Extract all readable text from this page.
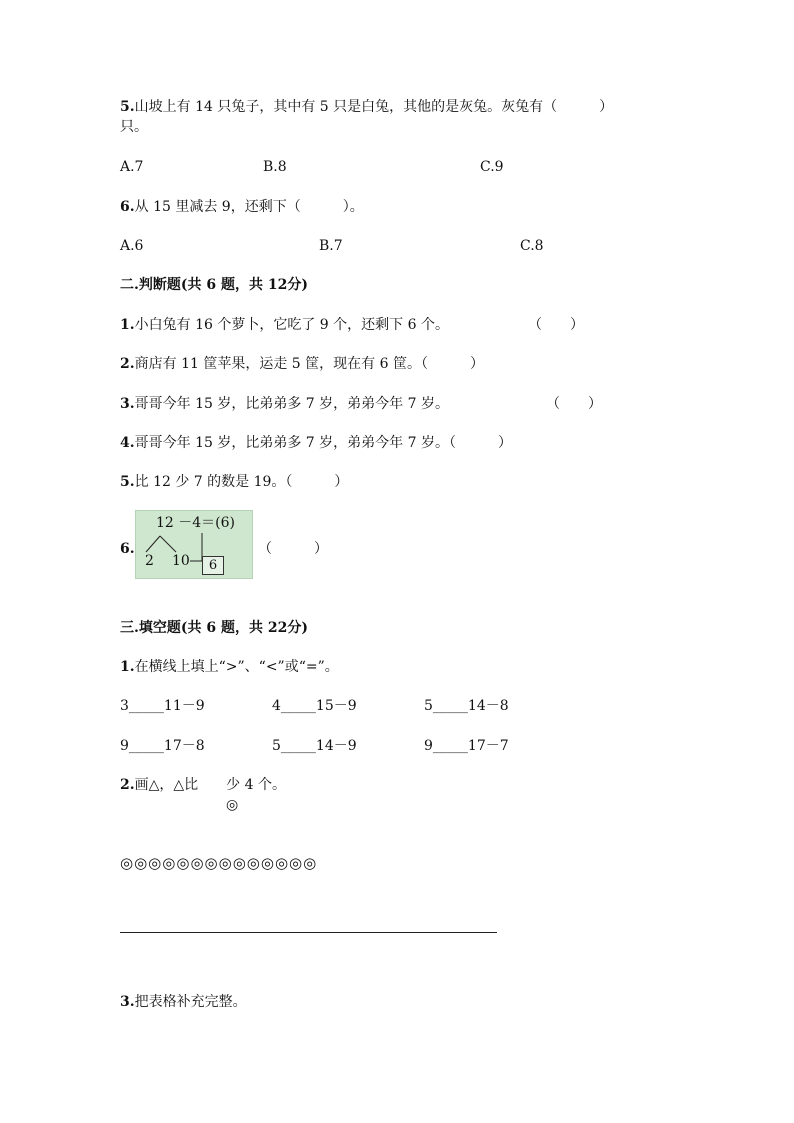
5.山坡上有 14 只兔子，其中有 5 只是白兔，其他的是灰兔。灰兔有（　　　）
只。
A.7	B.8	C.9
6.从 15 里减去 9，还剩下（　　　）。
A.6	B.7	C.8
二.判断题(共 6 题，共 12分)
1.小白兔有 16 个萝卜，它吃了 9 个，还剩下 6 个。	（　　）
2.商店有 11 筐苹果，运走 5 筐，现在有 6 筐。（　　　）
3.哥哥今年 15 岁，比弟弟多 7 岁，弟弟今年 7 岁。	（　　）
4.哥哥今年 15 岁，比弟弟多 7 岁，弟弟今年 7 岁。（　　　）
5.比 12 少 7 的数是 19。（　　　）
6.
12 －4＝(6)
2 10	6
（　　　）
三.填空题(共 6 题，共 22分)
1.在横线上填上“>”、“<”或“=”。
3_____11－9	4_____15－9	5_____14－8
9_____17－8	5_____14－9	9_____17－7
2.画△，△比　　少 4 个。
◎
◎◎◎◎◎◎◎◎◎◎◎◎◎◎
3.把表格补充完整。
